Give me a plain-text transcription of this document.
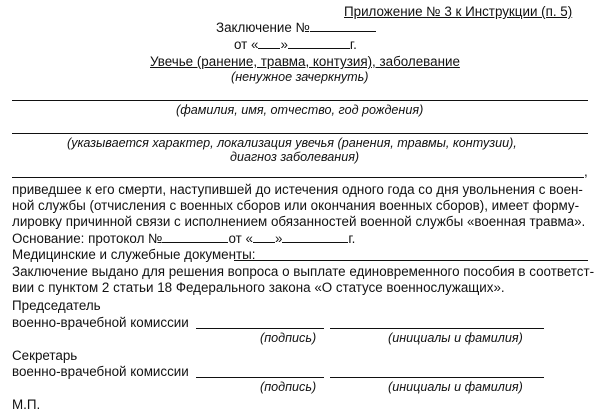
Приложение № 3 к Инструкции (п. 5)
Заключение №
от « »	г.
Увечье (ранение, травма, контузия), заболевание
(ненужное зачеркнуть)
(фамилия, имя, отчество, год рождения)
(указывается характер, локализация увечья (ранения, травмы, контузии),
диагноз заболевания)
,
приведшее к его смерти, наступившей до истечения одного года со дня увольнения с воен-
ной службы (отчисления с военных сборов или окончания военных сборов), имеет форму-
лировку причинной связи с исполнением обязанностей военной службы «военная травма».
Основание: протокол №	от « »	г.
Медицинские и служебные документы:
Заключение выдано для решения вопроса о выплате единовременного пособия в соответст-
вии с пунктом 2 статьи 18 Федерального закона «О статусе военнослужащих».
Председатель
военно-врачебной комиссии
(подпись)	(инициалы и фамилия)
Секретарь
военно-врачебной комиссии
(подпись)	(инициалы и фамилия)
М.П.
